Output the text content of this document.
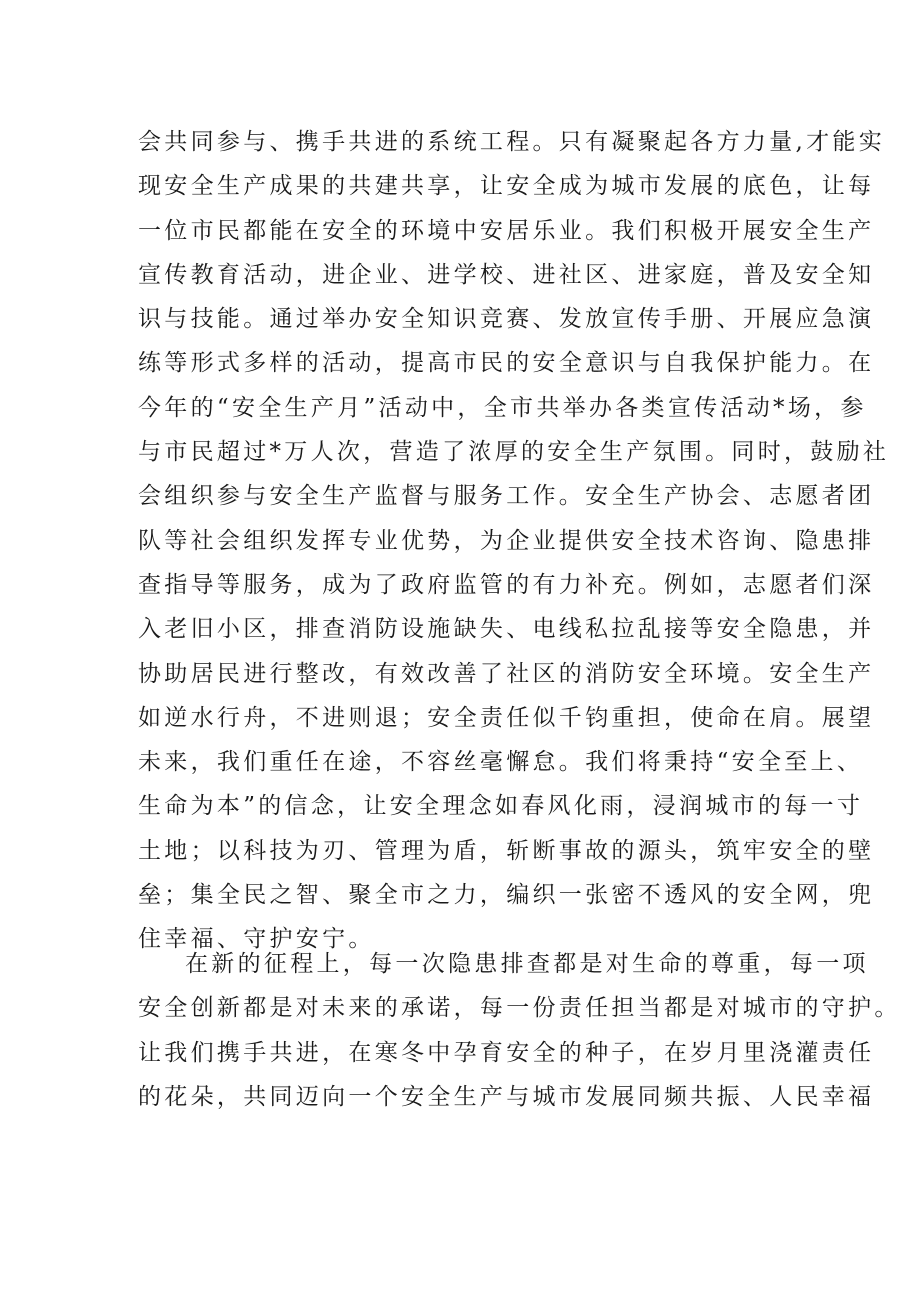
会共同参与、携手共进的系统工程。只有凝聚起各方力量,才能实
现安全生产成果的共建共享，让安全成为城市发展的底色，让每
一位市民都能在安全的环境中安居乐业。我们积极开展安全生产
宣传教育活动，进企业、进学校、进社区、进家庭，普及安全知
识与技能。通过举办安全知识竞赛、发放宣传手册、开展应急演
练等形式多样的活动，提高市民的安全意识与自我保护能力。在
今年的“安全生产月”活动中，全市共举办各类宣传活动*场，参
与市民超过*万人次，营造了浓厚的安全生产氛围。同时，鼓励社
会组织参与安全生产监督与服务工作。安全生产协会、志愿者团
队等社会组织发挥专业优势，为企业提供安全技术咨询、隐患排
查指导等服务，成为了政府监管的有力补充。例如，志愿者们深
入老旧小区，排查消防设施缺失、电线私拉乱接等安全隐患，并
协助居民进行整改，有效改善了社区的消防安全环境。安全生产
如逆水行舟，不进则退；安全责任似千钧重担，使命在肩。展望
未来，我们重任在途，不容丝毫懈怠。我们将秉持“安全至上、
生命为本”的信念，让安全理念如春风化雨，浸润城市的每一寸
土地；以科技为刃、管理为盾，斩断事故的源头，筑牢安全的壁
垒；集全民之智、聚全市之力，编织一张密不透风的安全网，兜
住幸福、守护安宁。
在新的征程上，每一次隐患排查都是对生命的尊重，每一项
安全创新都是对未来的承诺，每一份责任担当都是对城市的守护。
让我们携手共进，在寒冬中孕育安全的种子，在岁月里浇灌责任
的花朵，共同迈向一个安全生产与城市发展同频共振、人民幸福
